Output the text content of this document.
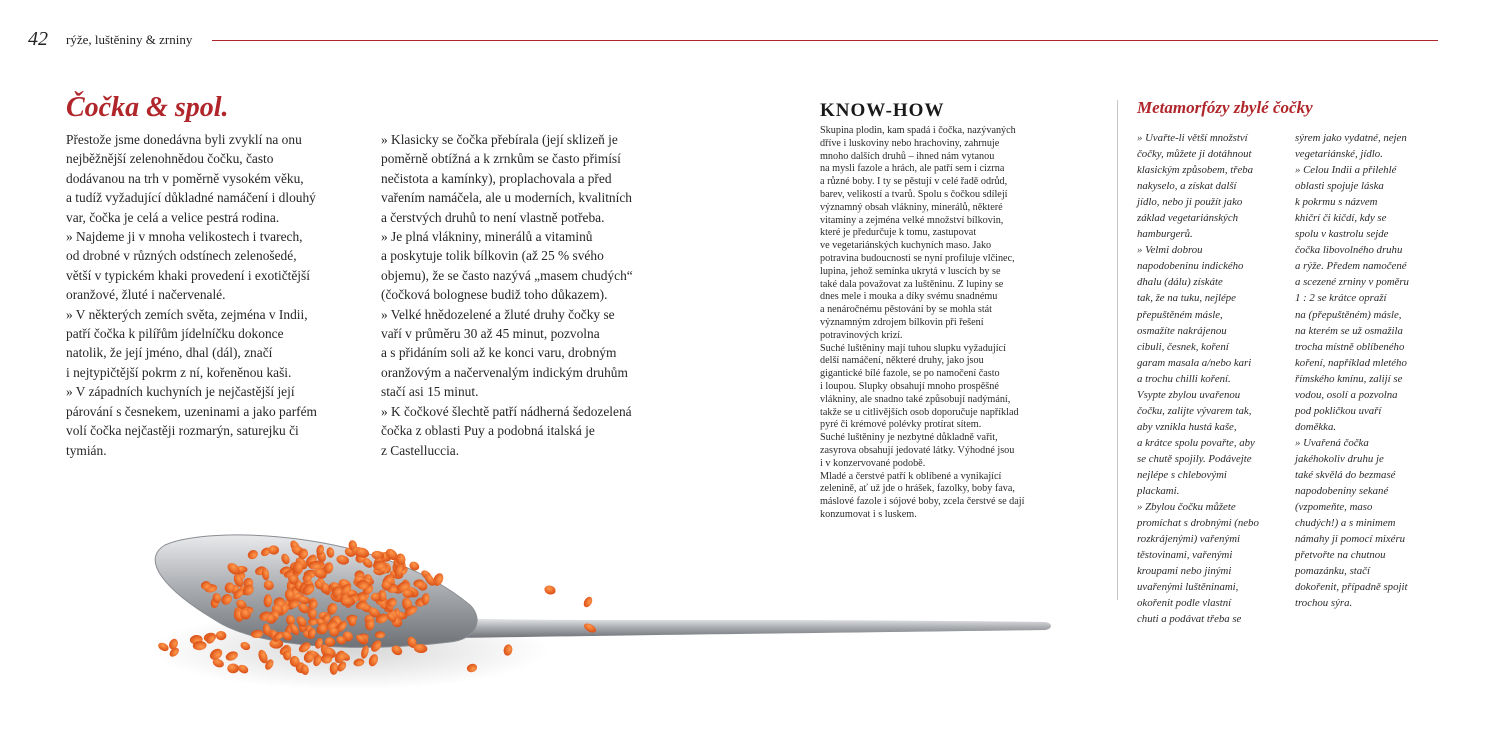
42 rýže, luštěniny & zrniny
Čočka & spol.

Přestože jsme donedávna byli zvyklí na onu

nejběžnější zelenohnědou čočku, často

dodávanou na trh v poměrně vysokém věku,

a tudíž vyžadující důkladné namáčení i dlouhý

var, čočka je celá a velice pestrá rodina.

» Najdeme ji v mnoha velikostech i tvarech,

od drobné v různých odstínech zelenošedé,

větší v typickém khaki provedení i exotičtější

oranžové, žluté i načervenalé.

» V některých zemích světa, zejména v Indii,

patří čočka k pilířům jídelníčku dokonce

natolik, že její jméno, dhal (dál), značí

i nejtypičtější pokrm z ní, kořeněnou kaši.

» V západních kuchyních je nejčastější její

párování s česnekem, uzeninami a jako parfém

volí čočka nejčastěji rozmarýn, saturejku či

tymián.

» Klasicky se čočka přebírala (její sklizeň je

poměrně obtížná a k zrnkům se často přimísí

nečistota a kamínky), proplachovala a před

vařením namáčela, ale u moderních, kvalitních

a čerstvých druhů to není vlastně potřeba.

» Je plná vlákniny, minerálů a vitaminů

a poskytuje tolik bílkovin (až 25 % svého

objemu), že se často nazývá „masem chudých“

(čočková bolognese budiž toho důkazem).

» Velké hnědozelené a žluté druhy čočky se

vaří v průměru 30 až 45 minut, pozvolna

a s přidáním soli až ke konci varu, drobným

oranžovým a načervenalým indickým druhům

stačí asi 15 minut.

» K čočkové šlechtě patří nádherná šedozelená

čočka z oblasti Puy a podobná italská je

z Castelluccia.

KNOW-HOW

Skupina plodin, kam spadá i čočka, nazývaných

dříve i luskoviny nebo hrachoviny, zahrnuje

mnoho dalších druhů – ihned nám vytanou

na mysli fazole a hrách, ale patří sem i cizrna

a různé boby. I ty se pěstují v celé řadě odrůd,

barev, velikostí a tvarů. Spolu s čočkou sdílejí

významný obsah vlákniny, minerálů, některé

vitaminy a zejména velké množství bílkovin,

které je předurčuje k tomu, zastupovat

ve vegetariánských kuchyních maso. Jako

potravina budoucnosti se nyní profiluje vlčinec,

lupina, jehož semínka ukrytá v luscích by se

také dala považovat za luštěninu. Z lupiny se

dnes mele i mouka a díky svému snadnému

a nenáročnému pěstování by se mohla stát

významným zdrojem bílkovin při řešení

potravinových krizí.

Suché luštěniny mají tuhou slupku vyžadující

delší namáčení, některé druhy, jako jsou

gigantické bílé fazole, se po namočení často

i loupou. Slupky obsahují mnoho prospěšné

vlákniny, ale snadno také způsobují nadýmání,

takže se u citlivějších osob doporučuje například

pyré či krémové polévky protírat sítem.

Suché luštěniny je nezbytné důkladně vařit,

zasyrova obsahují jedovaté látky. Výhodné jsou

i v konzervované podobě.

Mladé a čerstvé patří k oblíbené a vynikající

zelenině, ať už jde o hrášek, fazolky, boby fava,

máslové fazole i sójové boby, zcela čerstvé se dají

konzumovat i s luskem.

Metamorfózy zbylé čočky

» Uvařte-li větší množství

čočky, můžete ji dotáhnout

klasickým způsobem, třeba

nakyselo, a získat další

jídlo, nebo ji použít jako

základ vegetariánských

hamburgerů.

» Velmi dobrou

napodobeninu indického

dhalu (dálu) získáte

tak, že na tuku, nejlépe

přepuštěném másle,

osmažíte nakrájenou

cibuli, česnek, koření

garam masala a/nebo kari

a trochu chilli koření.

Vsypte zbylou uvařenou

čočku, zalijte vývarem tak,

aby vznikla hustá kaše,

a krátce spolu povařte, aby

se chutě spojily. Podávejte

nejlépe s chlebovými

plackami.

» Zbylou čočku můžete

promíchat s drobnými (nebo

rozkrájenými) vařenými

těstovinami, vařenými

kroupami nebo jinými

uvařenými luštěninami,

okořenit podle vlastní

chuti a podávat třeba se

sýrem jako vydatné, nejen

vegetariánské, jídlo.

» Celou Indii a přilehlé

oblasti spojuje láska

k pokrmu s názvem

khičrí či kičdí, kdy se

spolu v kastrolu sejde

čočka libovolného druhu

a rýže. Předem namočené

a scezené zrniny v poměru

1 : 2 se krátce opraží

na (přepuštěném) másle,

na kterém se už osmažila

trocha místně oblíbeného

koření, například mletého

římského kmínu, zalijí se

vodou, osolí a pozvolna

pod pokličkou uvaří

doměkka.

» Uvařená čočka

jakéhokoliv druhu je

také skvělá do bezmasé

napodobeniny sekané

(vzpomeňte, maso

chudých!) a s minimem

námahy ji pomocí mixéru

přetvořte na chutnou

pomazánku, stačí

dokořenit, případně spojit

trochou sýra.
